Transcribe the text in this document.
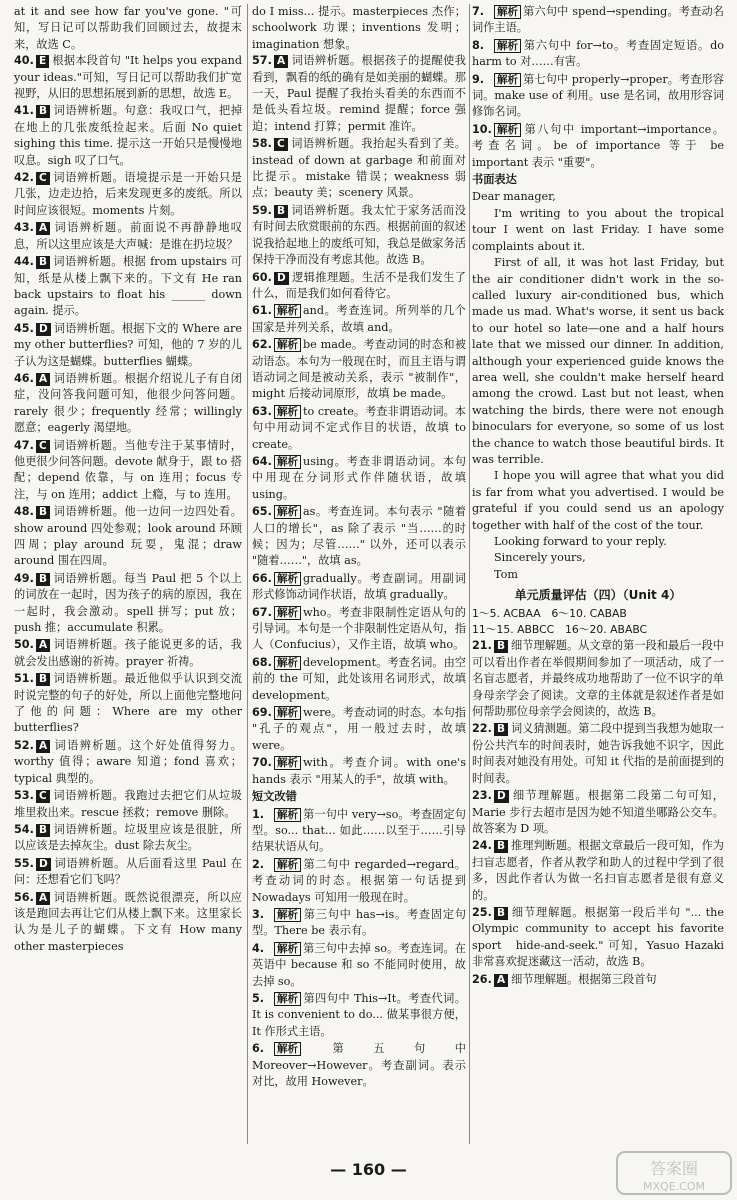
at it and see how far you've gone. "可知，写日记可以帮助我们回顾过去，故提末来，故选 C。
40. E 根据本段首句 "It helps you expand your ideas."可知，写日记可以帮助我们扩宽视野，从旧的思想拓展到新的思想，故选 E。
41. B 词语辨析题。句意：我叹口气，把掉在地上的几张废纸捡起来。后面 No quiet sighing this time. 提示这一开始只是慢慢地叹息。sigh 叹了口气。
42. C 词语辨析题。语境提示是一开始只是几张，边走边拾，后来发现更多的废纸。所以时间应该很短。moments 片刻。
43. A 词语辨析题。前面说不再静静地叹息，所以这里应该是大声喊：是谁在扔垃圾？
44. B 词语辨析题。根据 from upstairs 可知，纸是从楼上飘下来的。下文有 He ran back upstairs to float his ______ down again. 提示。
45. D 词语辨析题。根据下文的 Where are my other butterflies? 可知，他的 7 岁的儿子认为这是蝴蝶。butterflies 蝴蝶。
46. A 词语辨析题。根据介绍说儿子有自闭症，没问答我问题可知，他很少问答问题。rarely 很少；frequently 经常；willingly 愿意；eagerly 渴望地。
47. C 词语辨析题。当他专注于某事情时，他更很少问答问题。devote 献身于，跟 to 搭配；depend 依靠，与 on 连用；focus 专注，与 on 连用；addict 上瘾，与 to 连用。
48. B 词语辨析题。他一边问一边四处看。show around 四处参观；look around 环顾四周；play around 玩耍，鬼混；draw around 围在四周。
49. B 词语辨析题。每当 Paul 把 5 个以上的词放在一起时，因为孩子的病的原因，我在一起时，我会激动。spell 拼写；put 放；push 推；accumulate 积累。
50. A 词语辨析题。孩子能说更多的话，我就会发出感谢的祈祷。prayer 祈祷。
51. B 词语辨析题。最近他似乎认识到交流时说完整的句子的好处，所以上面他完整地问了他的问题：Where are my other butterflies?
52. A 词语辨析题。这个好处值得努力。worthy 值得；aware 知道；fond 喜欢；typical 典型的。
53. C 词语辨析题。我跑过去把它们从垃圾堆里救出来。rescue 拯救；remove 删除。
54. B 词语辨析题。垃圾里应该是很脏，所以应该是去掉灰尘。dust 除去灰尘。
55. D 词语辨析题。从后面看这里 Paul 在问：还想看它们飞吗？
56. A 词语辨析题。既然说很漂亮，所以应该是跑回去再让它们从楼上飘下来。这里家长认为是儿子的蝴蝶。下文有 How many other masterpieces
do I miss... 提示。masterpieces 杰作；schoolwork 功课；inventions 发明；imagination 想象。
57. A 词语辨析题。根据孩子的提醒使我看到，飘看的纸的确有是如美丽的蝴蝶。那一天，Paul 提醒了我抬头看美的东西而不是低头看垃圾。remind 提醒；force 强迫；intend 打算；permit 准许。
58. C 词语辨析题。我抬起头看到了美。instead of down at garbage 和前面对比提示。mistake 错误；weakness 弱点；beauty 美；scenery 风景。
59. B 词语辨析题。我太忙于家务活而没有时间去欣赏眼前的东西。根据前面的叙述说我拾起地上的废纸可知，我总是做家务活保持干净而没有考虑其他。故选 B。
60. D 逻辑推理题。生活不是我们发生了什么，而是我们如何看待它。
61. 解析 and。考查连词。所列举的几个国家是并列关系，故填 and。
62. 解析 be made。考查动词的时态和被动语态。本句为一般现在时，而且主语与谓语动词之间是被动关系，表示 "被制作"，might 后接动词原形，故填 be made。
63. 解析 to create。考查非谓语动词。本句中用动词不定式作目的状语，故填 to create。
64. 解析 using。考查非谓语动词。本句中用现在分词形式作伴随状语，故填 using。
65. 解析 as。考查连词。本句表示 "随着人口的增长"，as 除了表示 "当……的时候；因为；尽管……" 以外，还可以表示 "随着……"，故填 as。
66. 解析 gradually。考查副词。用副词形式修饰动词作状语，故填 gradually。
67. 解析 who。考查非限制性定语从句的引导词。本句是一个非限制性定语从句，指人（Confucius），又作主语，故填 who。
68. 解析 development。考查名词。由空前的 the 可知，此处该用名词形式，故填 development。
69. 解析 were。考查动词的时态。本句指 "孔子的观点"，用一般过去时，故填 were。
70. 解析 with。考查介词。with one's hands 表示 "用某人的手"，故填 with。
短文改错
1. 解析 第一句中 very→so。考查固定句型。so... that... 如此……以至于……引导结果状语从句。
2. 解析 第二句中 regarded→regard。考查动词的时态。根据第一句话提到 Nowadays 可知用一般现在时。
3. 解析 第三句中 has→is。考查固定句型。There be 表示有。
4. 解析 第三句中去掉 so。考查连词。在英语中 because 和 so 不能同时使用，故去掉 so。
5. 解析 第四句中 This→It。考查代词。It is convenient to do... 做某事很方便，It 作形式主语。
6. 解析 第五句中 Moreover→However。考查副词。表示对比，故用 However。
7. 解析 第六句中 spend→spending。考查动名词作主语。
8. 解析 第六句中 for→to。考查固定短语。do harm to 对……有害。
9. 解析 第七句中 properly→proper。考查形容词。make use of 利用。use 是名词，故用形容词修饰名词。
10. 解析 第八句中 important→importance。考查名词。be of importance 等于 be important 表示 "重要"。
书面表达

Dear manager,

I'm writing to you about the tropical tour I went on last Friday. I have some complaints about it.

First of all, it was hot last Friday, but the air conditioner didn't work in the so-called luxury air-conditioned bus, which made us mad. What's worse, it sent us back to our hotel so late—one and a half hours late that we missed our dinner. In addition, although your experienced guide knows the area well, she couldn't make herself heard among the crowd. Last but not least, when watching the birds, there were not enough binoculars for everyone, so some of us lost the chance to watch those beautiful birds. It was terrible.

I hope you will agree that what you did is far from what you advertised. I would be grateful if you could send us an apology together with half of the cost of the tour.

Looking forward to your reply.

Sincerely yours,

Tom

单元质量评估（四）（Unit 4）

1～5. ACBAA　6～10. CABAB

11～15. ABBCC　16～20. ABABC

21. B 细节理解题。从文章的第一段和最后一段中可以看出作者在举假期间参加了一项活动，成了一名盲志愿者，并最终成功地帮助了一位不识字的单身母亲学会了阅读。文章的主体就是叙述作者是如何帮助那位母亲学会阅读的，故选 B。
22. B 词义猜测题。第二段中提到当我想为她取一份公共汽车的时间表时，她告诉我她不识字，因此时间表对她没有用处。可知 it 代指的是前面提到的时间表。
23. D 细节理解题。根据第二段第二句可知，Marie 步行去超市是因为她不知道坐哪路公交车。故答案为 D 项。
24. B 推理判断题。根据文章最后一段可知，作为扫盲志愿者，作者从教学和助人的过程中学到了很多，因此作者认为做一名扫盲志愿者是很有意义的。
25. B 细节理解题。根据第一段后半句 "... the Olympic community to accept his favorite sport　hide-and-seek." 可知，Yasuo Hazaki 非常喜欢捉迷藏这一活动，故选 B。
26. A 细节理解题。根据第三段首句
— 160 —	答案圈
MXQE.COM
